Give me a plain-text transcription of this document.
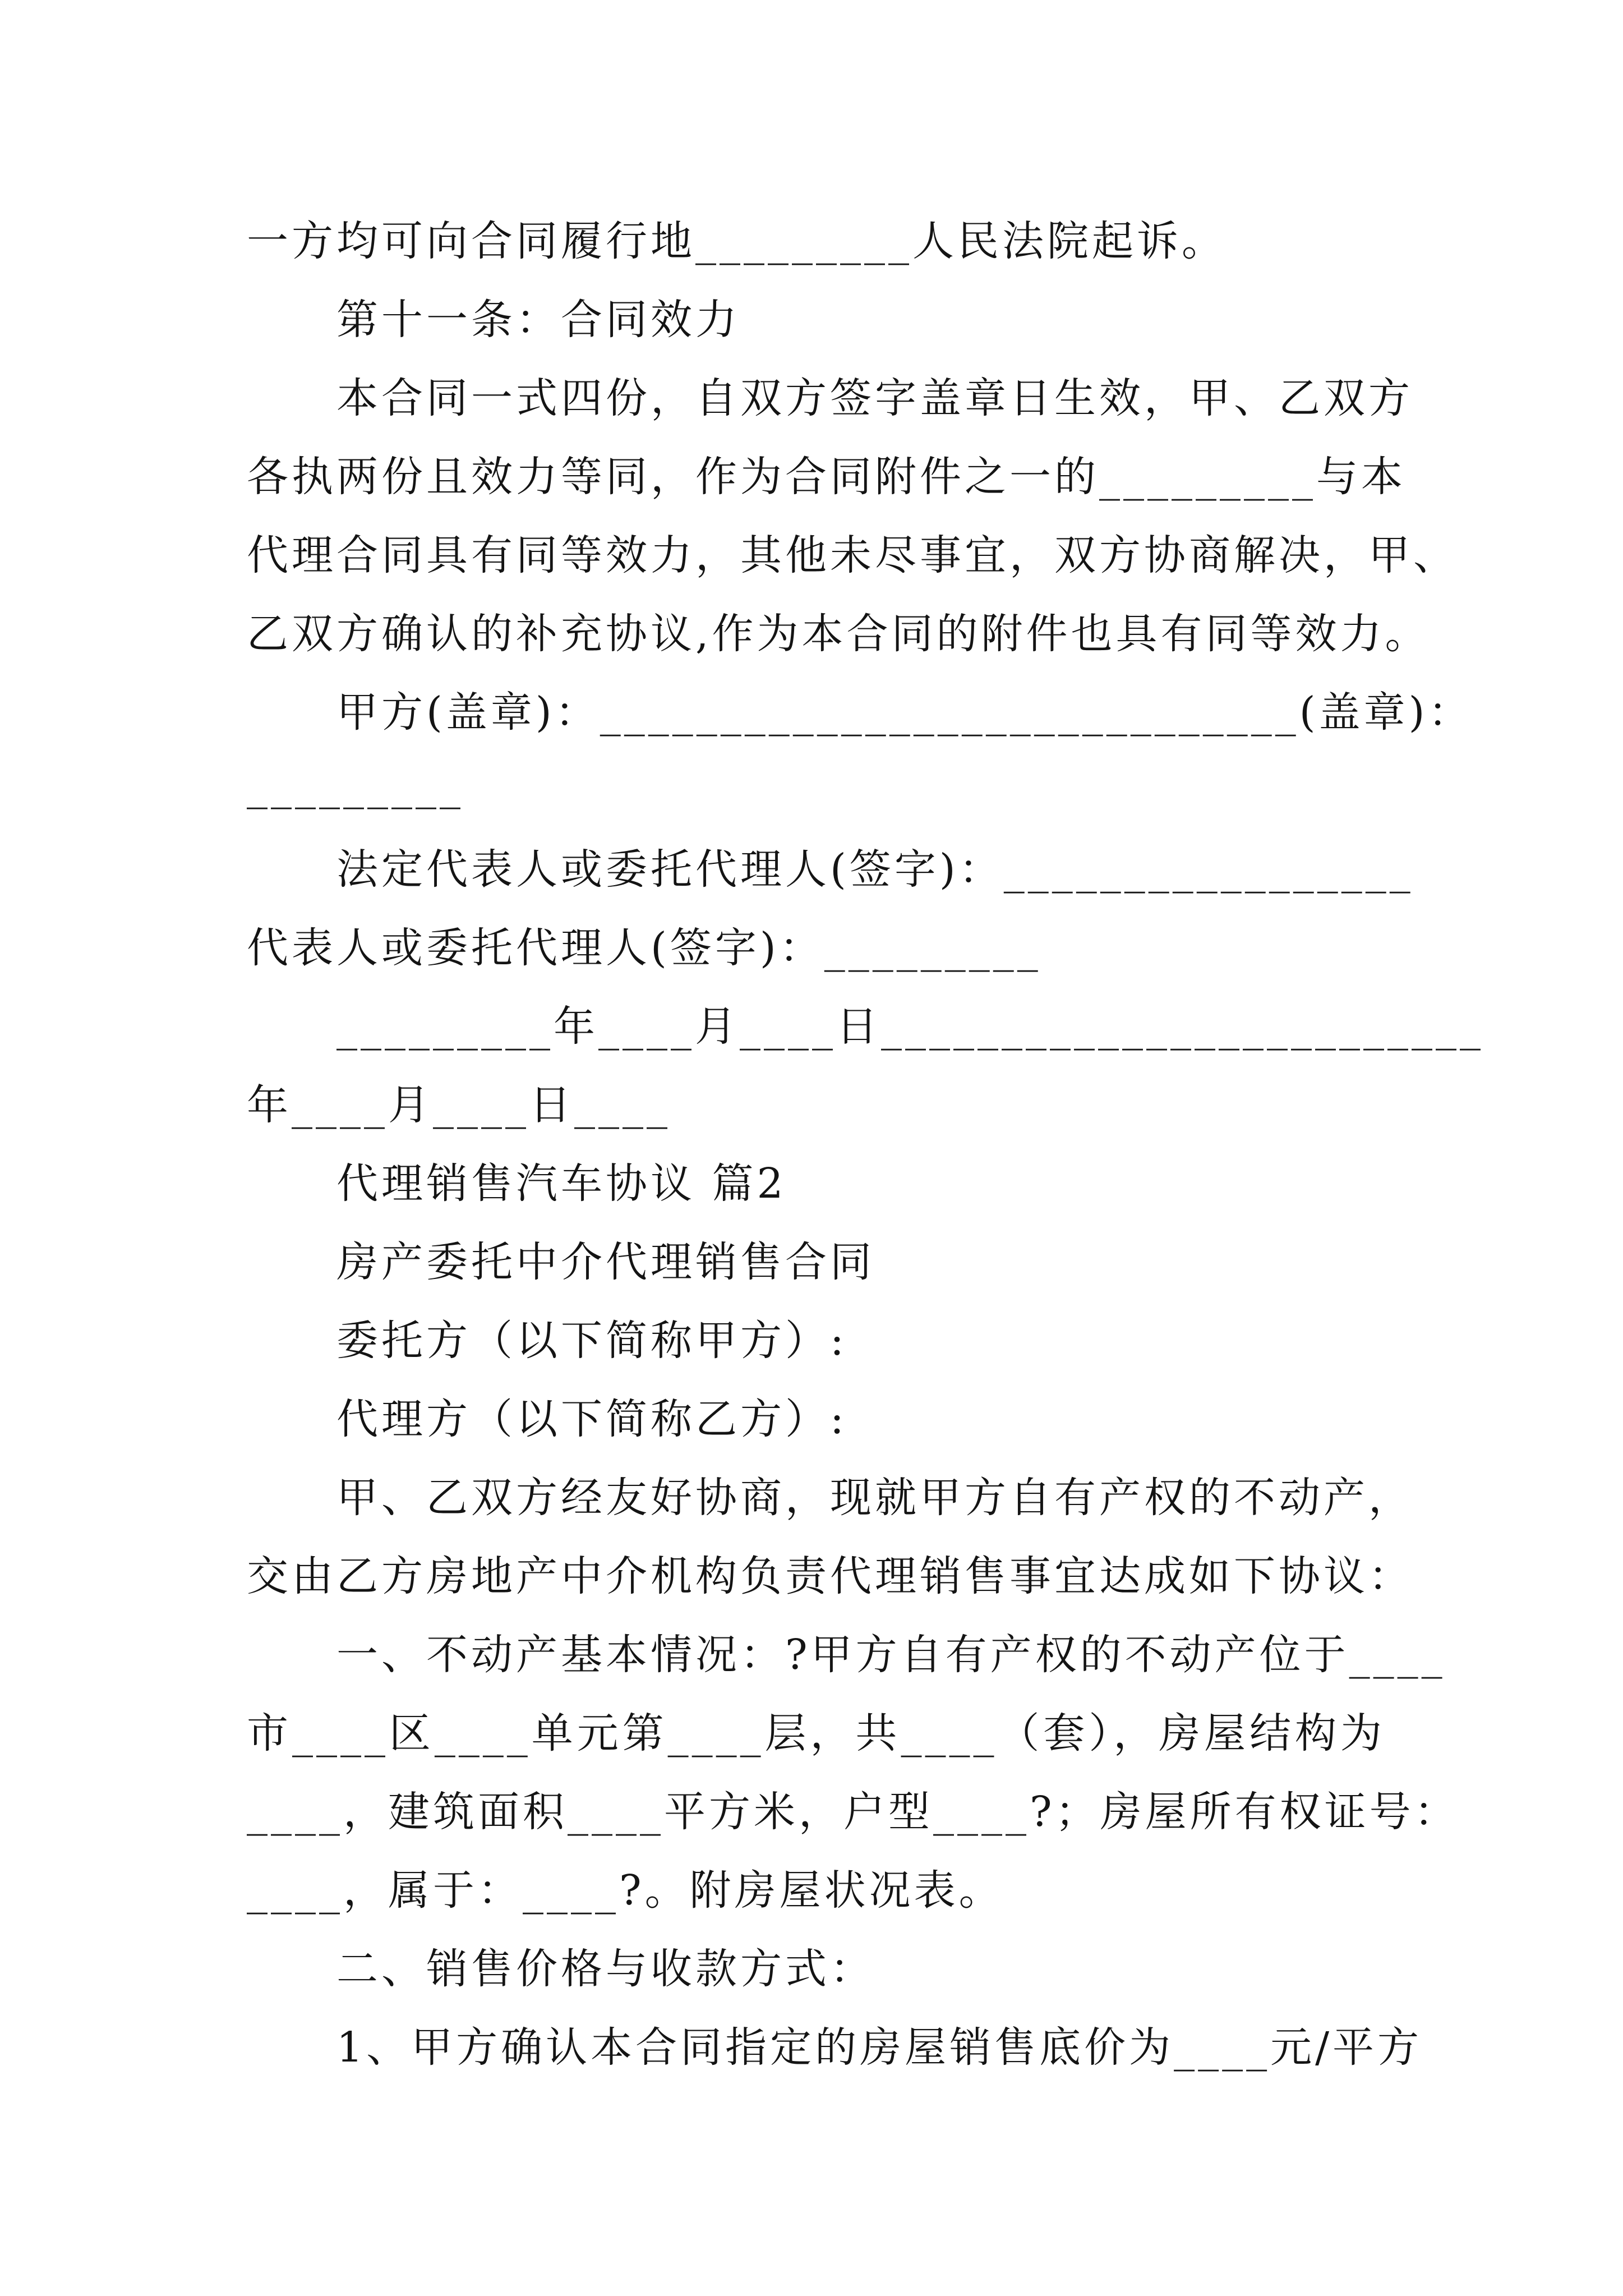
一方均可向合同履行地_________人民法院起诉。
第十一条：合同效力
本合同一式四份，自双方签字盖章日生效，甲、乙双方
各执两份且效力等同，作为合同附件之一的_________与本
代理合同具有同等效力，其他未尽事宜，双方协商解决，甲、
乙双方确认的补充协议,作为本合同的附件也具有同等效力。
甲方(盖章)：_____________________________(盖章)：
_________
法定代表人或委托代理人(签字)：_________________
代表人或委托代理人(签字)：_________
_________年____月____日_________________________
年____月____日____
代理销售汽车协议 篇2
房产委托中介代理销售合同
委托方（以下简称甲方）:
代理方（以下简称乙方）:
甲、乙双方经友好协商，现就甲方自有产权的不动产，
交由乙方房地产中介机构负责代理销售事宜达成如下协议：
一、不动产基本情况：?甲方自有产权的不动产位于____
市____区____单元第____层，共____（套），房屋结构为
____，建筑面积____平方米，户型____?；房屋所有权证号：
____，属于：____?。附房屋状况表。
二、销售价格与收款方式：
1、甲方确认本合同指定的房屋销售底价为____元/平方
